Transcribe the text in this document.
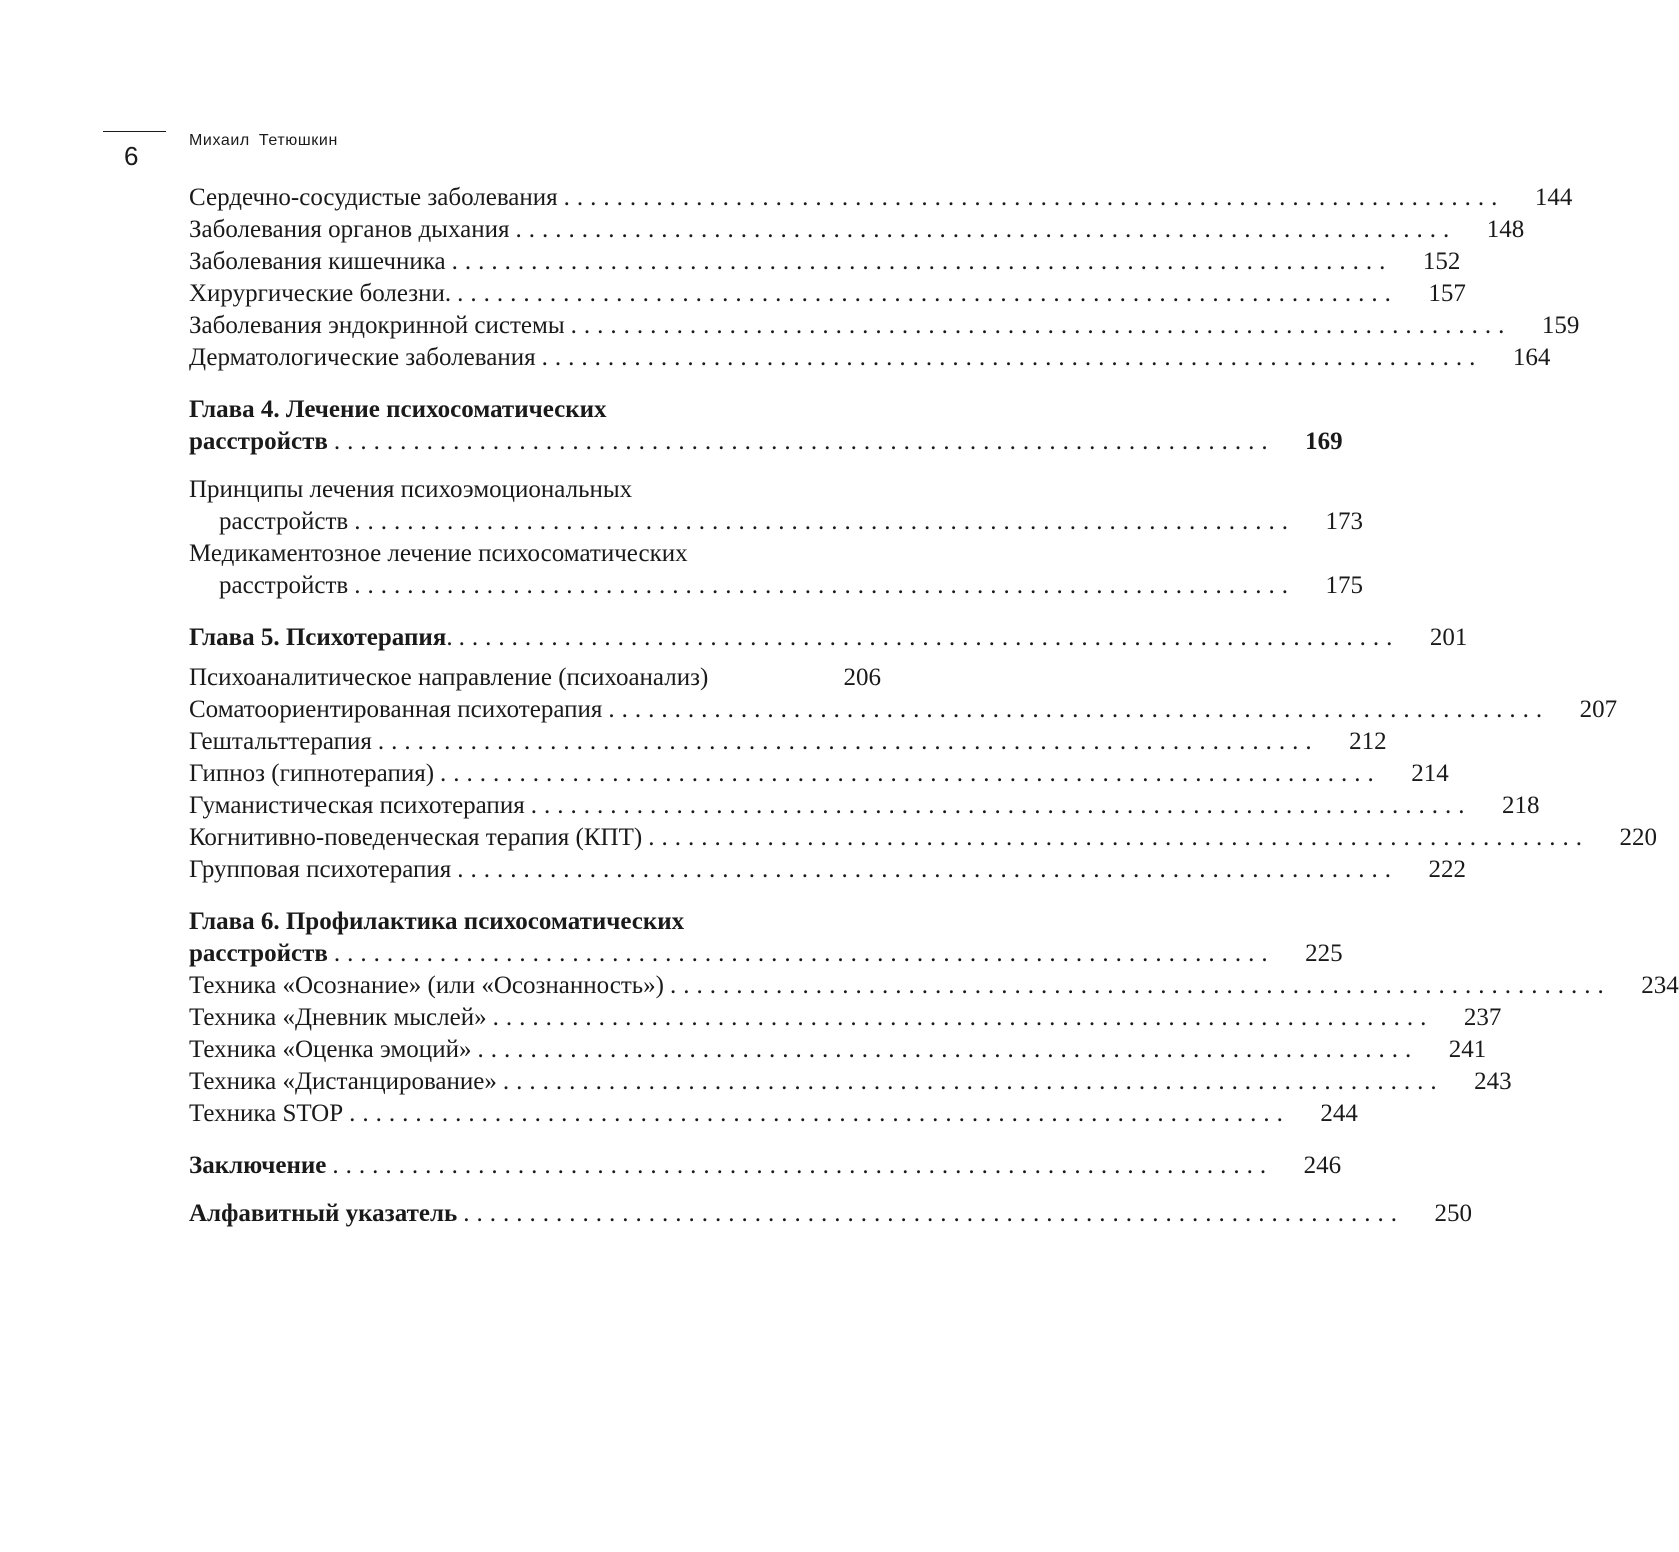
6
Михаил Тетюшкин
Сердечно-сосудистые заболевания ....................................................................... 144
Заболевания органов дыхания ....................................................................... 148
Заболевания кишечника ....................................................................... 152
Хирургические болезни. ....................................................................... 157
Заболевания эндокринной системы ....................................................................... 159
Дерматологические заболевания ....................................................................... 164
Глава 4. Лечение психосоматических
расстройств ....................................................................... 169
Принципы лечения психоэмоциональных
расстройств ....................................................................... 173
Медикаментозное лечение психосоматических
расстройств ....................................................................... 175
Глава 5. Психотерапия. ....................................................................... 201
Психоаналитическое направление (психоанализ)	206
Соматоориентированная психотерапия ....................................................................... 207
Гештальттерапия ....................................................................... 212
Гипноз (гипнотерапия) ....................................................................... 214
Гуманистическая психотерапия ....................................................................... 218
Когнитивно-поведенческая терапия (КПТ) ....................................................................... 220
Групповая психотерапия ....................................................................... 222
Глава 6. Профилактика психосоматических
расстройств ....................................................................... 225
Техника «Осознание» (или «Осознанность») ....................................................................... 234
Техника «Дневник мыслей» ....................................................................... 237
Техника «Оценка эмоций» ....................................................................... 241
Техника «Дистанцирование» ....................................................................... 243
Техника STOP ....................................................................... 244
Заключение ....................................................................... 246
Алфавитный указатель ....................................................................... 250
